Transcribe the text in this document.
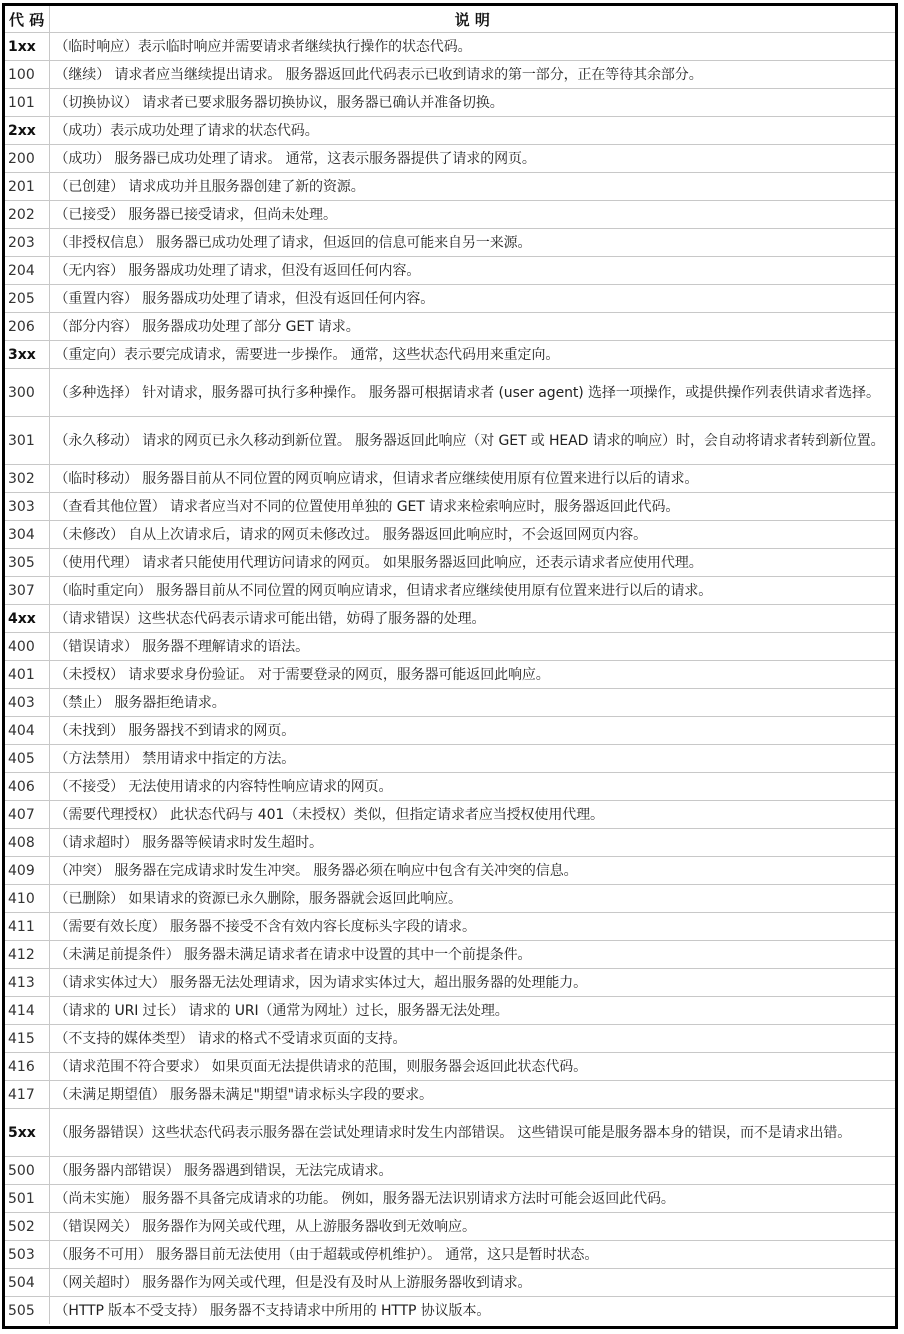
代 码	说 明
1xx	（临时响应）表示临时响应并需要请求者继续执行操作的状态代码。
100	（继续） 请求者应当继续提出请求。 服务器返回此代码表示已收到请求的第一部分，正在等待其余部分。
101	（切换协议） 请求者已要求服务器切换协议，服务器已确认并准备切换。
2xx	（成功）表示成功处理了请求的状态代码。
200	（成功） 服务器已成功处理了请求。 通常，这表示服务器提供了请求的网页。
201	（已创建） 请求成功并且服务器创建了新的资源。
202	（已接受） 服务器已接受请求，但尚未处理。
203	（非授权信息） 服务器已成功处理了请求，但返回的信息可能来自另一来源。
204	（无内容） 服务器成功处理了请求，但没有返回任何内容。
205	（重置内容） 服务器成功处理了请求，但没有返回任何内容。
206	（部分内容） 服务器成功处理了部分 GET 请求。
3xx	（重定向）表示要完成请求，需要进一步操作。 通常，这些状态代码用来重定向。
300	（多种选择） 针对请求，服务器可执行多种操作。 服务器可根据请求者 (user agent) 选择一项操作，或提供操作列表供请求者选择。
301	（永久移动） 请求的网页已永久移动到新位置。 服务器返回此响应（对 GET 或 HEAD 请求的响应）时，会自动将请求者转到新位置。
302	（临时移动） 服务器目前从不同位置的网页响应请求，但请求者应继续使用原有位置来进行以后的请求。
303	（查看其他位置） 请求者应当对不同的位置使用单独的 GET 请求来检索响应时，服务器返回此代码。
304	（未修改） 自从上次请求后，请求的网页未修改过。 服务器返回此响应时，不会返回网页内容。
305	（使用代理） 请求者只能使用代理访问请求的网页。 如果服务器返回此响应，还表示请求者应使用代理。
307	（临时重定向） 服务器目前从不同位置的网页响应请求，但请求者应继续使用原有位置来进行以后的请求。
4xx	（请求错误）这些状态代码表示请求可能出错，妨碍了服务器的处理。
400	（错误请求） 服务器不理解请求的语法。
401	（未授权） 请求要求身份验证。 对于需要登录的网页，服务器可能返回此响应。
403	（禁止） 服务器拒绝请求。
404	（未找到） 服务器找不到请求的网页。
405	（方法禁用） 禁用请求中指定的方法。
406	（不接受） 无法使用请求的内容特性响应请求的网页。
407	（需要代理授权） 此状态代码与 401（未授权）类似，但指定请求者应当授权使用代理。
408	（请求超时） 服务器等候请求时发生超时。
409	（冲突） 服务器在完成请求时发生冲突。 服务器必须在响应中包含有关冲突的信息。
410	（已删除） 如果请求的资源已永久删除，服务器就会返回此响应。
411	（需要有效长度） 服务器不接受不含有效内容长度标头字段的请求。
412	（未满足前提条件） 服务器未满足请求者在请求中设置的其中一个前提条件。
413	（请求实体过大） 服务器无法处理请求，因为请求实体过大，超出服务器的处理能力。
414	（请求的 URI 过长） 请求的 URI（通常为网址）过长，服务器无法处理。
415	（不支持的媒体类型） 请求的格式不受请求页面的支持。
416	（请求范围不符合要求） 如果页面无法提供请求的范围，则服务器会返回此状态代码。
417	（未满足期望值） 服务器未满足"期望"请求标头字段的要求。
5xx	（服务器错误）这些状态代码表示服务器在尝试处理请求时发生内部错误。 这些错误可能是服务器本身的错误，而不是请求出错。
500	（服务器内部错误） 服务器遇到错误，无法完成请求。
501	（尚未实施） 服务器不具备完成请求的功能。 例如，服务器无法识别请求方法时可能会返回此代码。
502	（错误网关） 服务器作为网关或代理，从上游服务器收到无效响应。
503	（服务不可用） 服务器目前无法使用（由于超载或停机维护）。 通常，这只是暂时状态。
504	（网关超时） 服务器作为网关或代理，但是没有及时从上游服务器收到请求。
505	（HTTP 版本不受支持） 服务器不支持请求中所用的 HTTP 协议版本。
